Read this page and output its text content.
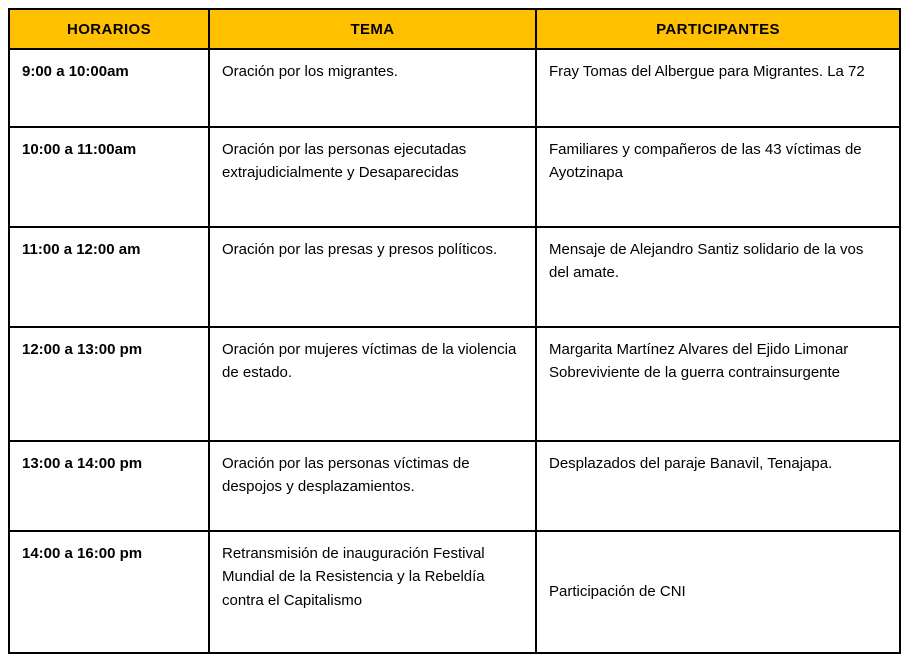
HORARIOS	TEMA	PARTICIPANTES
9:00 a 10:00am	Oración por los migrantes.	Fray Tomas del Albergue para Migrantes. La 72
10:00 a 11:00am	Oración por las personas ejecutadas extrajudicialmente y Desaparecidas	Familiares y compañeros de las 43 víctimas de Ayotzinapa
11:00 a 12:00 am	Oración por las presas y presos políticos.	Mensaje de Alejandro Santiz solidario de la vos del amate.
12:00 a 13:00 pm	Oración por mujeres víctimas de la violencia de estado.	Margarita Martínez Alvares del Ejido Limonar Sobreviviente de la guerra contrainsurgente
13:00 a 14:00 pm	Oración por las personas víctimas de despojos y desplazamientos.	Desplazados del paraje Banavil, Tenajapa.
14:00 a 16:00 pm	Retransmisión de inauguración Festival Mundial de la Resistencia y la Rebeldía contra el Capitalismo	Participación de CNI
